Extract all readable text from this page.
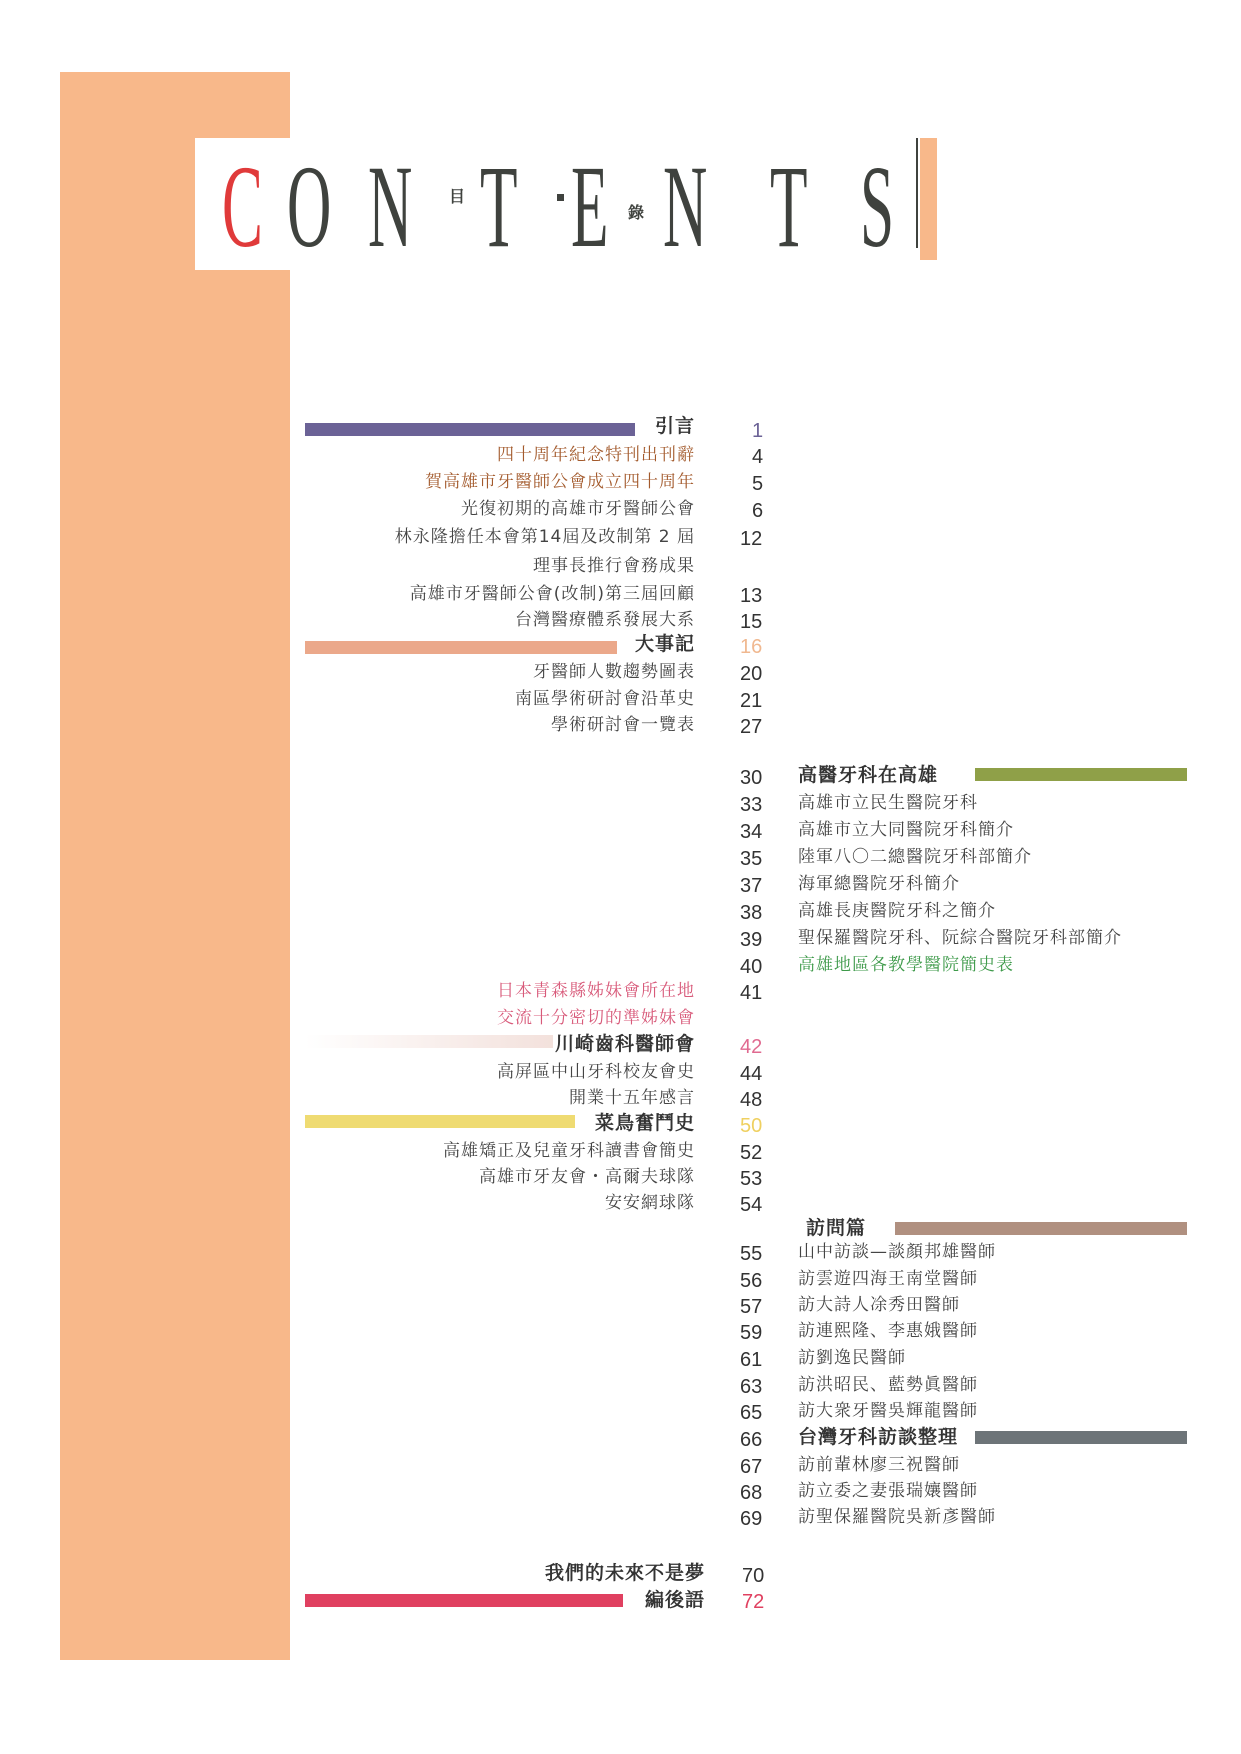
C O N 目 T E 錄 N T S
引言	1
四十周年紀念特刊出刊辭	4
賀高雄市牙醫師公會成立四十周年	5
光復初期的高雄市牙醫師公會	6
林永隆擔任本會第14屆及改制第 2 屆 12
理事長推行會務成果
高雄市牙醫師公會(改制)第三屆回顧 13
台灣醫療體系發展大系 15
大事記 16
牙醫師人數趨勢圖表 20
南區學術研討會沿革史 21
學術研討會一覽表 27
30 高醫牙科在高雄
33 高雄市立民生醫院牙科
34 高雄市立大同醫院牙科簡介
35 陸軍八〇二總醫院牙科部簡介
37 海軍總醫院牙科簡介
38 高雄長庚醫院牙科之簡介
39 聖保羅醫院牙科、阮綜合醫院牙科部簡介
40 高雄地區各教學醫院簡史表
日本青森縣姊妹會所在地 41
交流十分密切的準姊妹會
川崎齒科醫師會 42
高屏區中山牙科校友會史 44
開業十五年感言 48
菜鳥奮鬥史 50
高雄矯正及兒童牙科讀書會簡史 52
高雄市牙友會・高爾夫球隊 53
安安網球隊 54
訪問篇
55 山中訪談—談顏邦雄醫師
56 訪雲遊四海王南堂醫師
57 訪大詩人凃秀田醫師
59 訪連熙隆、李惠娥醫師
61 訪劉逸民醫師
63 訪洪昭民、藍勢眞醫師
65 訪大衆牙醫吳輝龍醫師
66 台灣牙科訪談整理
67 訪前輩林廖三祝醫師
68 訪立委之妻張瑞孃醫師
69 訪聖保羅醫院吳新彥醫師
我們的未來不是夢 70
編後語 72
